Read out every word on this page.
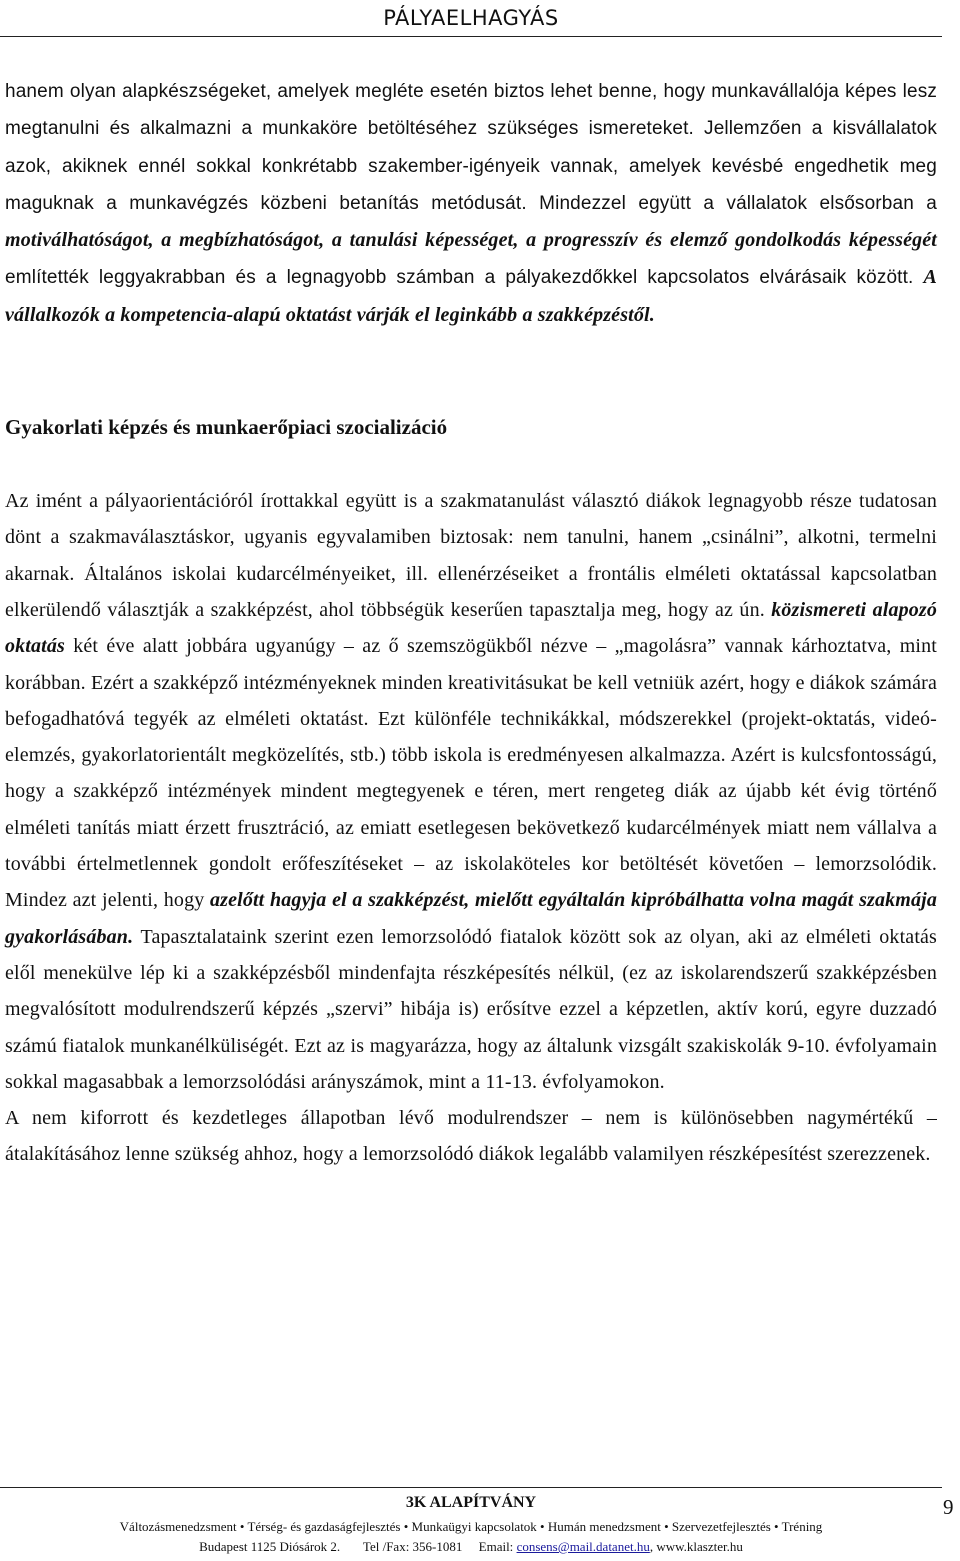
PÁLYAELHAGYÁS

hanem olyan alapkészségeket, amelyek megléte esetén biztos lehet benne, hogy munkavállalója képes lesz megtanulni és alkalmazni a munkaköre betöltéséhez szükséges ismereteket. Jellemzően a kisvállalatok azok, akiknek ennél sokkal konkrétabb szakember-igényeik vannak, amelyek kevésbé engedhetik meg maguknak a munkavégzés közbeni betanítás metódusát. Mindezzel együtt a vállalatok elsősorban a motiválhatóságot, a megbízhatóságot, a tanulási képességet, a progresszív és elemző gondolkodás képességét említették leggyakrabban és a legnagyobb számban a pályakezdőkkel kapcsolatos elvárásaik között. A vállalkozók a kompetencia-alapú oktatást várják el leginkább a szakképzéstől.

Gyakorlati képzés és munkaerőpiaci szocializáció

Az imént a pályaorientációról írottakkal együtt is a szakmatanulást választó diákok legnagyobb része tudatosan dönt a szakmaválasztáskor, ugyanis egyvalamiben biztosak: nem tanulni, hanem „csinálni”, alkotni, termelni akarnak. Általános iskolai kudarcélményeiket, ill. ellenérzéseiket a frontális elméleti oktatással kapcsolatban elkerülendő választják a szakképzést, ahol többségük keserűen tapasztalja meg, hogy az ún. közismereti alapozó oktatás két éve alatt jobbára ugyanúgy – az ő szemszögükből nézve – „magolásra” vannak kárhoztatva, mint korábban. Ezért a szakképző intézményeknek minden kreativitásukat be kell vetniük azért, hogy e diákok számára befogadhatóvá tegyék az elméleti oktatást. Ezt különféle technikákkal, módszerekkel (projekt-oktatás, videó-elemzés, gyakorlatorientált megközelítés, stb.) több iskola is eredményesen alkalmazza. Azért is kulcsfontosságú, hogy a szakképző intézmények mindent megtegyenek e téren, mert rengeteg diák az újabb két évig történő elméleti tanítás miatt érzett frusztráció, az emiatt esetlegesen bekövetkező kudarcélmények miatt nem vállalva a további értelmetlennek gondolt erőfeszítéseket – az iskolaköteles kor betöltését követően – lemorzsolódik. Mindez azt jelenti, hogy azelőtt hagyja el a szakképzést, mielőtt egyáltalán kipróbálhatta volna magát szakmája gyakorlásában. Tapasztalataink szerint ezen lemorzsolódó fiatalok között sok az olyan, aki az elméleti oktatás elől menekülve lép ki a szakképzésből mindenfajta részképesítés nélkül, (ez az iskolarendszerű szakképzésben megvalósított modulrendszerű képzés „szervi” hibája is) erősítve ezzel a képzetlen, aktív korú, egyre duzzadó számú fiatalok munkanélküliségét. Ezt az is magyarázza, hogy az általunk vizsgált szakiskolák 9-10. évfolyamain sokkal magasabbak a lemorzsolódási arányszámok, mint a 11-13. évfolyamokon.

A nem kiforrott és kezdetleges állapotban lévő modulrendszer – nem is különösebben nagymértékű – átalakításához lenne szükség ahhoz, hogy a lemorzsolódó diákok legalább valamilyen részképesítést szerezzenek.

3K ALAPÍTVÁNY
Változásmenedzsment • Térség- és gazdaságfejlesztés • Munkaügyi kapcsolatok • Humán menedzsment • Szervezetfejlesztés • Tréning
Budapest 1125 Diósárok 2. Tel /Fax: 356-1081 Email: consens@mail.datanet.hu, www.klaszter.hu
9
